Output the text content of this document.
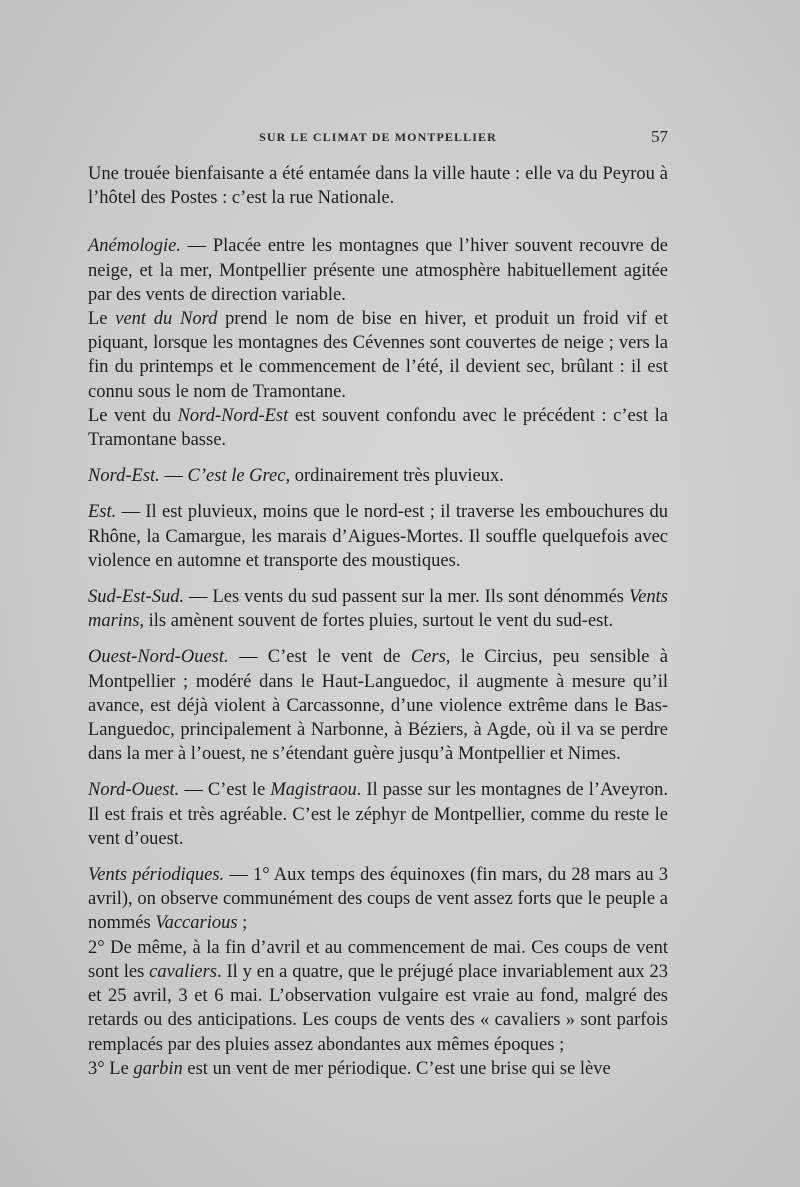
SUR LE CLIMAT DE MONTPELLIER	57

Une trouée bienfaisante a été entamée dans la ville haute : elle va du Peyrou à l’hôtel des Postes : c’est la rue Nationale.

Anémologie. — Placée entre les montagnes que l’hiver souvent recouvre de neige, et la mer, Montpellier présente une atmosphère habituellement agitée par des vents de direction variable.

Le vent du Nord prend le nom de bise en hiver, et produit un froid vif et piquant, lorsque les montagnes des Cévennes sont couvertes de neige ; vers la fin du printemps et le commencement de l’été, il devient sec, brûlant : il est connu sous le nom de Tramontane.

Le vent du Nord-Nord-Est est souvent confondu avec le précédent : c’est la Tramontane basse.

Nord-Est. — C’est le Grec, ordinairement très pluvieux.

Est. — Il est pluvieux, moins que le nord-est ; il traverse les embouchures du Rhône, la Camargue, les marais d’Aigues-Mortes. Il souffle quelquefois avec violence en automne et transporte des moustiques.

Sud-Est-Sud. — Les vents du sud passent sur la mer. Ils sont dénommés Vents marins, ils amènent souvent de fortes pluies, surtout le vent du sud-est.

Ouest-Nord-Ouest. — C’est le vent de Cers, le Circius, peu sensible à Montpellier ; modéré dans le Haut-Languedoc, il augmente à mesure qu’il avance, est déjà violent à Carcassonne, d’une violence extrême dans le Bas-Languedoc, principalement à Narbonne, à Béziers, à Agde, où il va se perdre dans la mer à l’ouest, ne s’étendant guère jusqu’à Montpellier et Nimes.

Nord-Ouest. — C’est le Magistraou. Il passe sur les montagnes de l’Aveyron. Il est frais et très agréable. C’est le zéphyr de Montpellier, comme du reste le vent d’ouest.

Vents périodiques. — 1° Aux temps des équinoxes (fin mars, du 28 mars au 3 avril), on observe communément des coups de vent assez forts que le peuple a nommés Vaccarious ;

2° De même, à la fin d’avril et au commencement de mai. Ces coups de vent sont les cavaliers. Il y en a quatre, que le préjugé place invariablement aux 23 et 25 avril, 3 et 6 mai. L’observation vulgaire est vraie au fond, malgré des retards ou des anticipations. Les coups de vents des « cavaliers » sont parfois remplacés par des pluies assez abondantes aux mêmes époques ;

3° Le garbin est un vent de mer périodique. C’est une brise qui se lève
